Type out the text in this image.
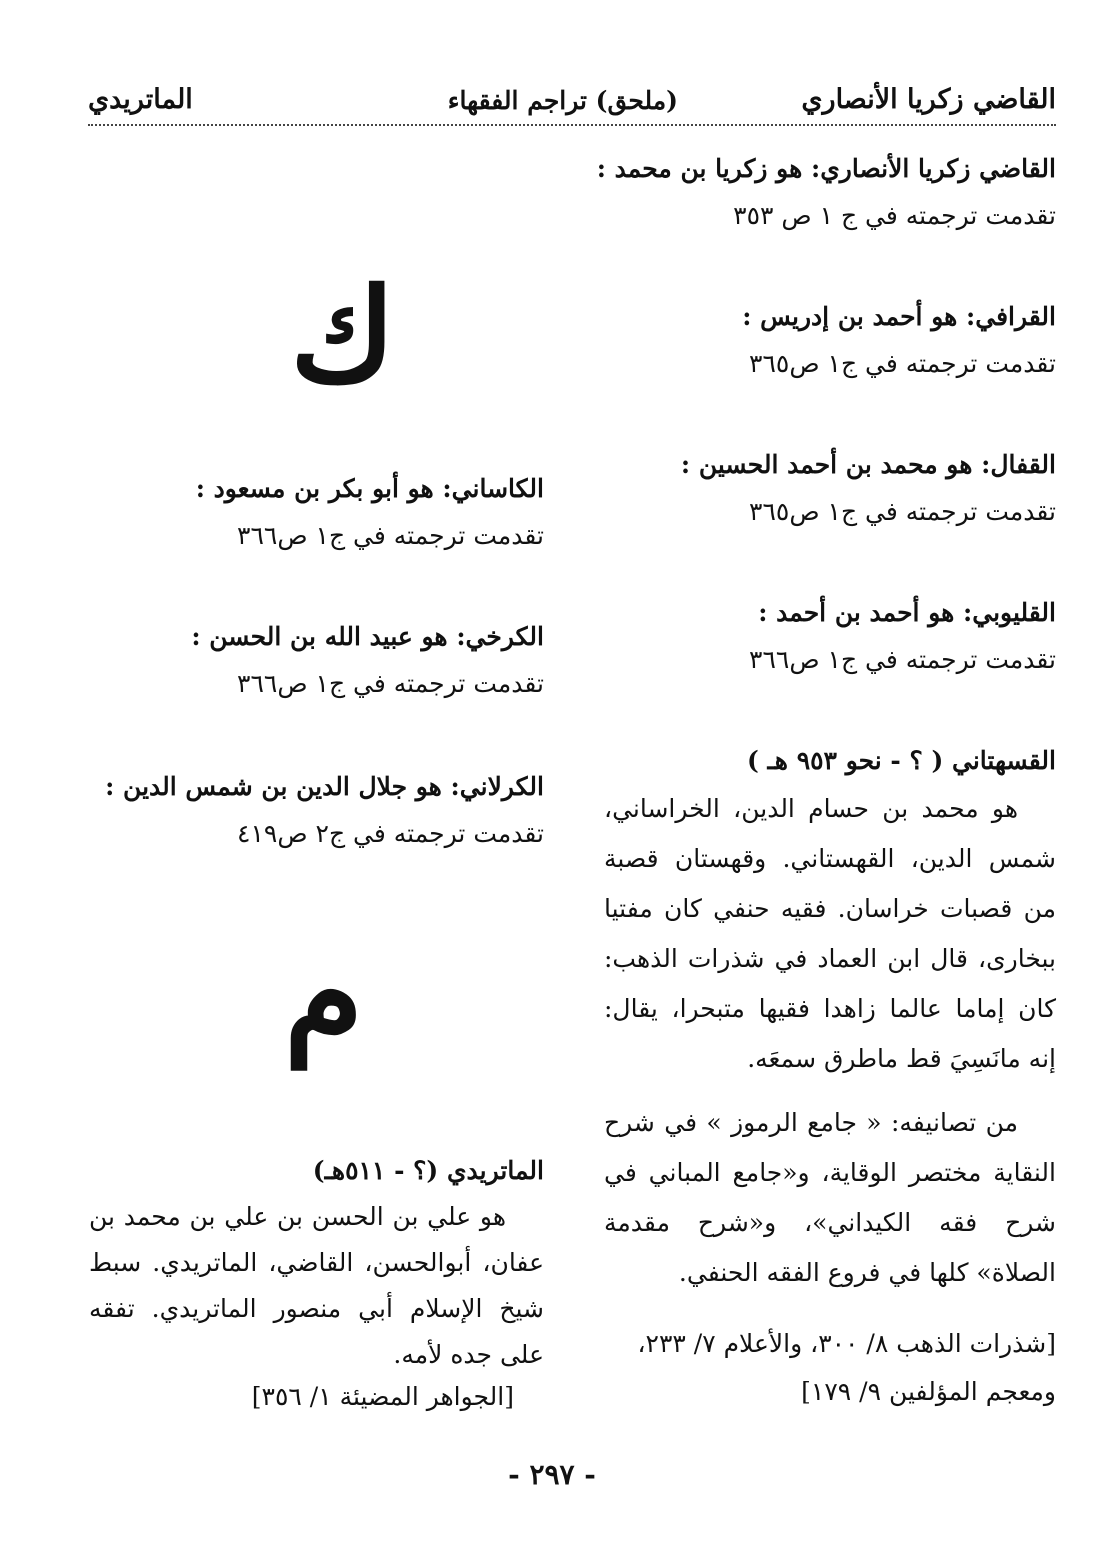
القاضي زكريا الأنصاري
(ملحق) تراجم الفقهاء
الماتريدي
القاضي زكريا الأنصاري: هو زكريا بن محمد :
تقدمت ترجمته في ج ١ ص ٣٥٣
القرافي: هو أحمد بن إدريس :
تقدمت ترجمته في ج١ ص٣٦٥
القفال: هو محمد بن أحمد الحسين :
تقدمت ترجمته في ج١ ص٣٦٥
القليوبي: هو أحمد بن أحمد :
تقدمت ترجمته في ج١ ص٣٦٦
القسهتاني ( ؟ - نحو ٩٥٣ هـ )
هو محمد بن حسام الدين، الخراساني، شمس الدين، القهستاني. وقهستان قصبة من قصبات خراسان. فقيه حنفي كان مفتيا ببخارى، قال ابن العماد في شذرات الذهب: كان إماما عالما زاهدا فقيها متبحرا، يقال: إنه مانَسِيَ قط ماطرق سمعَه.
من تصانيفه: « جامع الرموز » في شرح النقاية مختصر الوقاية، و«جامع المباني في شرح فقه الكيداني»، و«شرح مقدمة الصلاة» كلها في فروع الفقه الحنفي.
[شذرات الذهب ٨/ ٣٠٠، والأعلام ٧/ ٢٣٣، ومعجم المؤلفين ٩/ ١٧٩]
ك
الكاساني: هو أبو بكر بن مسعود :
تقدمت ترجمته في ج١ ص٣٦٦
الكرخي: هو عبيد الله بن الحسن :
تقدمت ترجمته في ج١ ص٣٦٦
الكرلاني: هو جلال الدين بن شمس الدين :
تقدمت ترجمته في ج٢ ص٤١٩
م
الماتريدي (؟ - ٥١١هـ)
هو علي بن الحسن بن علي بن محمد بن عفان، أبوالحسن، القاضي، الماتريدي. سبط شيخ الإسلام أبي منصور الماتريدي. تفقه على جده لأمه.
[الجواهر المضيئة ١/ ٣٥٦]
- ٢٩٧ -
